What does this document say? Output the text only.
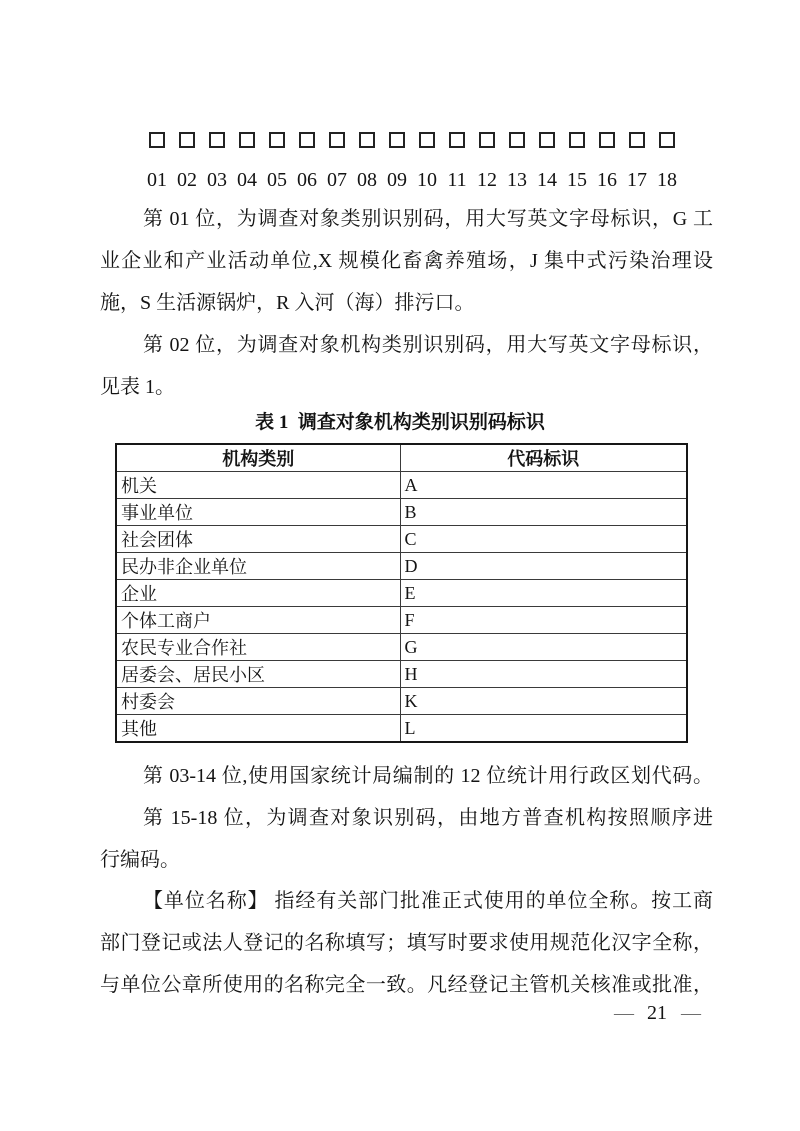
01 02 03 04 05 06 07 08 09 10 11 12 13 14 15 16 17 18
第 01 位，为调查对象类别识别码，用大写英文字母标识，G 工
业企业和产业活动单位,X 规模化畜禽养殖场，J 集中式污染治理设
施，S 生活源锅炉，R 入河（海）排污口。
第 02 位，为调查对象机构类别识别码，用大写英文字母标识，
见表 1。
表 1  调查对象机构类别识别码标识
机构类别	代码标识
机关	A
事业单位	B
社会团体	C
民办非企业单位	D
企业	E
个体工商户	F
农民专业合作社	G
居委会、居民小区	H
村委会	K
其他	L
第 03-14 位,使用国家统计局编制的 12 位统计用行政区划代码。
第 15-18 位，为调查对象识别码，由地方普查机构按照顺序进
行编码。
【单位名称】 指经有关部门批准正式使用的单位全称。按工商
部门登记或法人登记的名称填写；填写时要求使用规范化汉字全称，
与单位公章所使用的名称完全一致。凡经登记主管机关核准或批准，
— 21 —
